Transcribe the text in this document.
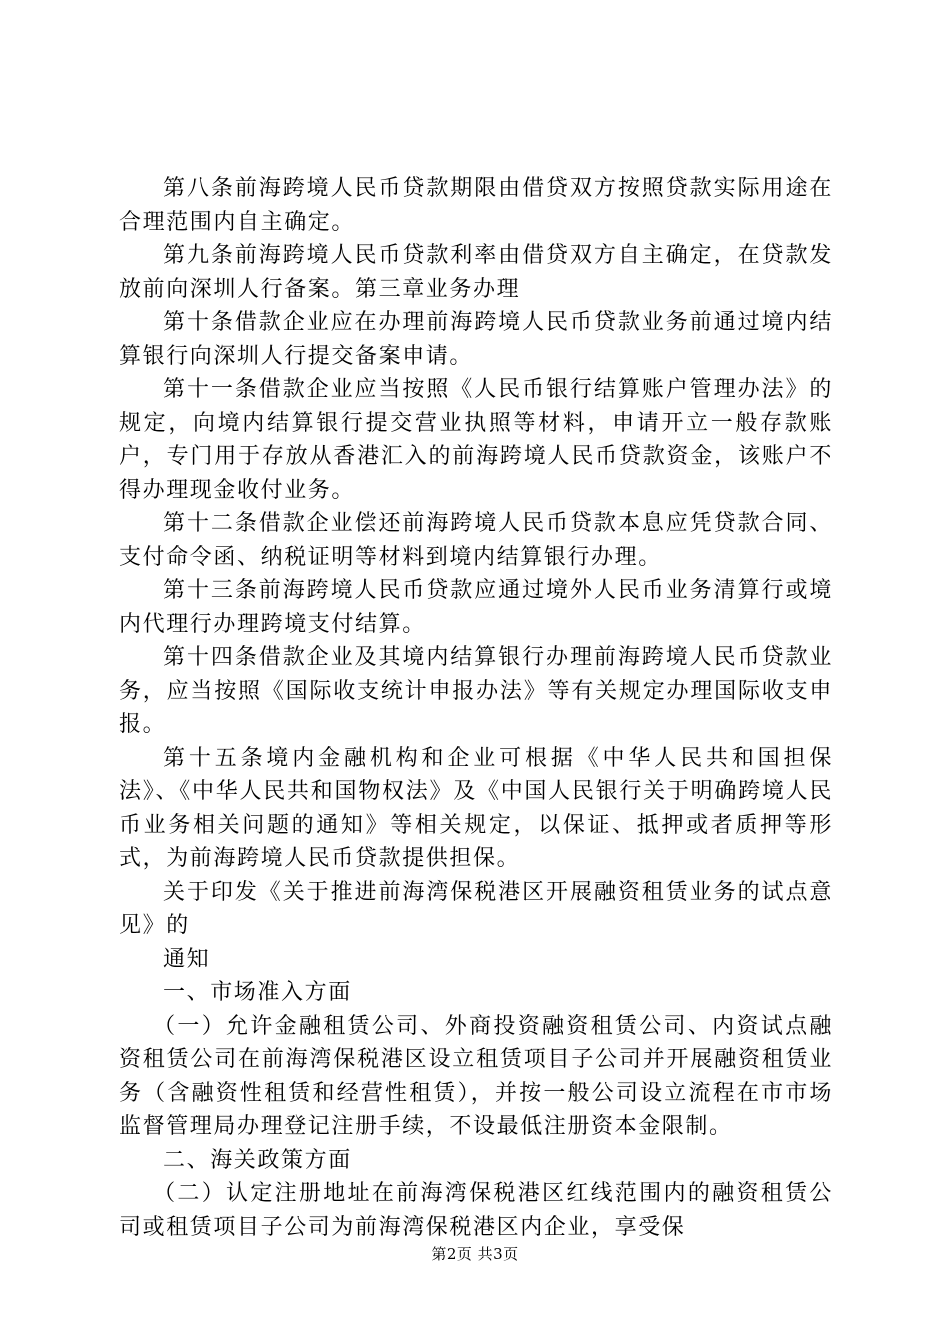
第八条前海跨境人民币贷款期限由借贷双方按照贷款实际用途在合理范围内自主确定。

第九条前海跨境人民币贷款利率由借贷双方自主确定，在贷款发放前向深圳人行备案。第三章业务办理

第十条借款企业应在办理前海跨境人民币贷款业务前通过境内结算银行向深圳人行提交备案申请。

第十一条借款企业应当按照《人民币银行结算账户管理办法》的规定，向境内结算银行提交营业执照等材料，申请开立一般存款账户，专门用于存放从香港汇入的前海跨境人民币贷款资金，该账户不得办理现金收付业务。

第十二条借款企业偿还前海跨境人民币贷款本息应凭贷款合同、支付命令函、纳税证明等材料到境内结算银行办理。

第十三条前海跨境人民币贷款应通过境外人民币业务清算行或境内代理行办理跨境支付结算。

第十四条借款企业及其境内结算银行办理前海跨境人民币贷款业务，应当按照《国际收支统计申报办法》等有关规定办理国际收支申报。

第十五条境内金融机构和企业可根据《中华人民共和国担保法》、《中华人民共和国物权法》及《中国人民银行关于明确跨境人民币业务相关问题的通知》等相关规定，以保证、抵押或者质押等形式，为前海跨境人民币贷款提供担保。

关于印发《关于推进前海湾保税港区开展融资租赁业务的试点意见》的

通知

一、市场准入方面

（一）允许金融租赁公司、外商投资融资租赁公司、内资试点融资租赁公司在前海湾保税港区设立租赁项目子公司并开展融资租赁业务（含融资性租赁和经营性租赁），并按一般公司设立流程在市市场监督管理局办理登记注册手续，不设最低注册资本金限制。

二、海关政策方面

（二）认定注册地址在前海湾保税港区红线范围内的融资租赁公司或租赁项目子公司为前海湾保税港区内企业，享受保

第2页 共3页
